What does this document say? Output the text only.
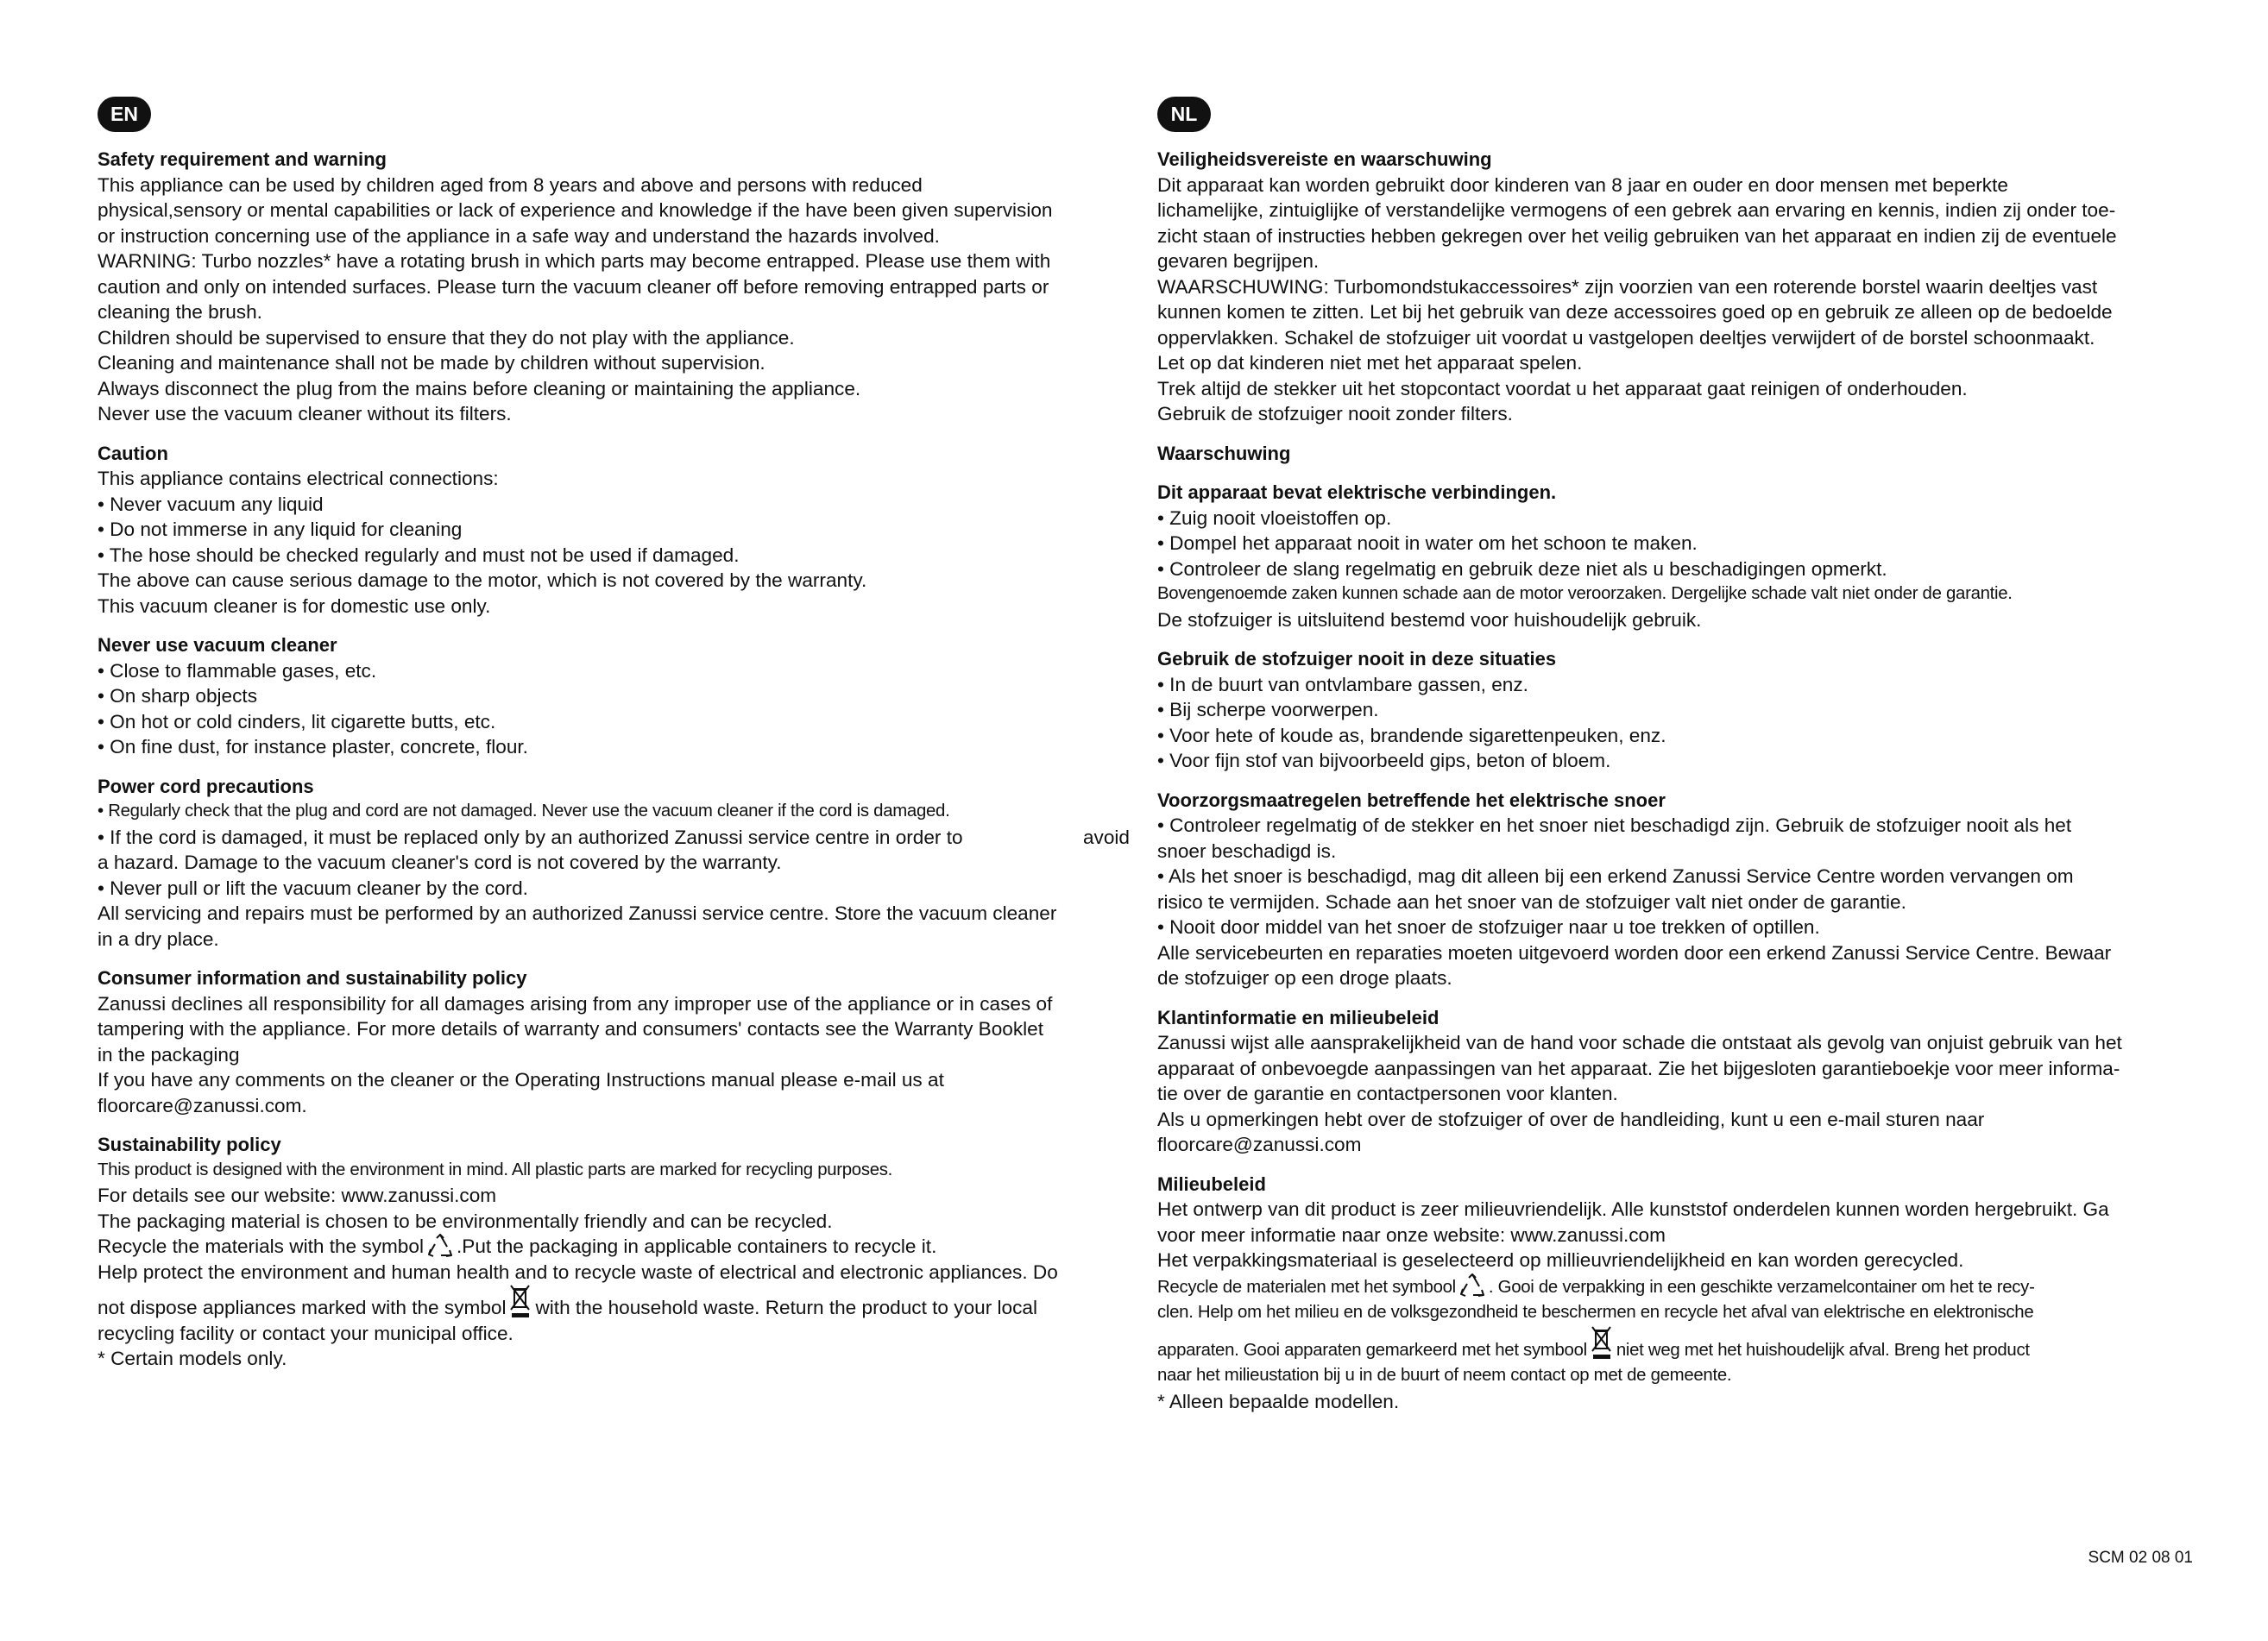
EN
Safety requirement and warning
This appliance can be used by children aged from 8 years and above and persons with reduced
physical,sensory or mental capabilities or lack of experience and knowledge if the have been given supervision
or instruction concerning use of the appliance in a safe way and understand the hazards involved.
WARNING: Turbo nozzles* have a rotating brush in which parts may become entrapped. Please use them with
caution and only on intended surfaces. Please turn the vacuum cleaner off before removing entrapped parts or
cleaning the brush.
Children should be supervised to ensure that they do not play with the appliance.
Cleaning and maintenance shall not be made by children without supervision.
Always disconnect the plug from the mains before cleaning or maintaining the appliance.
Never use the vacuum cleaner without its filters.
Caution
This appliance contains electrical connections:
• Never vacuum any liquid
• Do not immerse in any liquid for cleaning
• The hose should be checked regularly and must not be used if damaged.
The above can cause serious damage to the motor, which is not covered by the warranty.
This vacuum cleaner is for domestic use only.
Never use vacuum cleaner
• Close to flammable gases, etc.
• On sharp objects
• On hot or cold cinders, lit cigarette butts, etc.
• On fine dust, for instance plaster, concrete, flour.
Power cord precautions
• Regularly check that the plug and cord are not damaged. Never use the vacuum cleaner if the cord is damaged.
• If the cord is damaged, it must be replaced only by an authorized Zanussi service centre in order to	avoid
a hazard. Damage to the vacuum cleaner's cord is not covered by the warranty.
• Never pull or lift the vacuum cleaner by the cord.
All servicing and repairs must be performed by an authorized Zanussi service centre. Store the vacuum cleaner
in a dry place.
Consumer information and sustainability policy
Zanussi declines all responsibility for all damages arising from any improper use of the appliance or in cases of
tampering with the appliance. For more details of warranty and consumers' contacts see the Warranty Booklet
in the packaging
If you have any comments on the cleaner or the Operating Instructions manual please e-mail us at
floorcare@zanussi.com.
Sustainability policy
This product is designed with the environment in mind. All plastic parts are marked for recycling purposes.
For details see our website: www.zanussi.com
The packaging material is chosen to be environmentally friendly and can be recycled.
Recycle the materials with the symbol .Put the packaging in applicable containers to recycle it.
Help protect the environment and human health and to recycle waste of electrical and electronic appliances. Do
not dispose appliances marked with the symbol with the household waste. Return the product to your local
recycling facility or contact your municipal office.
* Certain models only.
NL
Veiligheidsvereiste en waarschuwing
Dit apparaat kan worden gebruikt door kinderen van 8 jaar en ouder en door mensen met beperkte
lichamelijke, zintuiglijke of verstandelijke vermogens of een gebrek aan ervaring en kennis, indien zij onder toe-
zicht staan of instructies hebben gekregen over het veilig gebruiken van het apparaat en indien zij de eventuele
gevaren begrijpen.
WAARSCHUWING: Turbomondstukaccessoires* zijn voorzien van een roterende borstel waarin deeltjes vast
kunnen komen te zitten. Let bij het gebruik van deze accessoires goed op en gebruik ze alleen op de bedoelde
oppervlakken. Schakel de stofzuiger uit voordat u vastgelopen deeltjes verwijdert of de borstel schoonmaakt.
Let op dat kinderen niet met het apparaat spelen.
Trek altijd de stekker uit het stopcontact voordat u het apparaat gaat reinigen of onderhouden.
Gebruik de stofzuiger nooit zonder filters.
Waarschuwing
Dit apparaat bevat elektrische verbindingen.
• Zuig nooit vloeistoffen op.
• Dompel het apparaat nooit in water om het schoon te maken.
• Controleer de slang regelmatig en gebruik deze niet als u beschadigingen opmerkt.
Bovengenoemde zaken kunnen schade aan de motor veroorzaken. Dergelijke schade valt niet onder de garantie.
De stofzuiger is uitsluitend bestemd voor huishoudelijk gebruik.
Gebruik de stofzuiger nooit in deze situaties
• In de buurt van ontvlambare gassen, enz.
• Bij scherpe voorwerpen.
• Voor hete of koude as, brandende sigarettenpeuken, enz.
• Voor fijn stof van bijvoorbeeld gips, beton of bloem.
Voorzorgsmaatregelen betreffende het elektrische snoer
• Controleer regelmatig of de stekker en het snoer niet beschadigd zijn. Gebruik de stofzuiger nooit als het
snoer beschadigd is.
• Als het snoer is beschadigd, mag dit alleen bij een erkend Zanussi Service Centre worden vervangen om
risico te vermijden. Schade aan het snoer van de stofzuiger valt niet onder de garantie.
• Nooit door middel van het snoer de stofzuiger naar u toe trekken of optillen.
Alle servicebeurten en reparaties moeten uitgevoerd worden door een erkend Zanussi Service Centre. Bewaar
de stofzuiger op een droge plaats.
Klantinformatie en milieubeleid
Zanussi wijst alle aansprakelijkheid van de hand voor schade die ontstaat als gevolg van onjuist gebruik van het
apparaat of onbevoegde aanpassingen van het apparaat. Zie het bijgesloten garantieboekje voor meer informa-
tie over de garantie en contactpersonen voor klanten.
Als u opmerkingen hebt over de stofzuiger of over de handleiding, kunt u een e-mail sturen naar
floorcare@zanussi.com
Milieubeleid
Het ontwerp van dit product is zeer milieuvriendelijk. Alle kunststof onderdelen kunnen worden hergebruikt. Ga
voor meer informatie naar onze website: www.zanussi.com
Het verpakkingsmateriaal is geselecteerd op millieuvriendelijkheid en kan worden gerecycled.
Recycle de materialen met het symbool . Gooi de verpakking in een geschikte verzamelcontainer om het te recy-
clen. Help om het milieu en de volksgezondheid te beschermen en recycle het afval van elektrische en elektronische
apparaten. Gooi apparaten gemarkeerd met het symbool niet weg met het huishoudelijk afval. Breng het product
naar het milieustation bij u in de buurt of neem contact op met de gemeente.
* Alleen bepaalde modellen.
SCM 02 08 01
